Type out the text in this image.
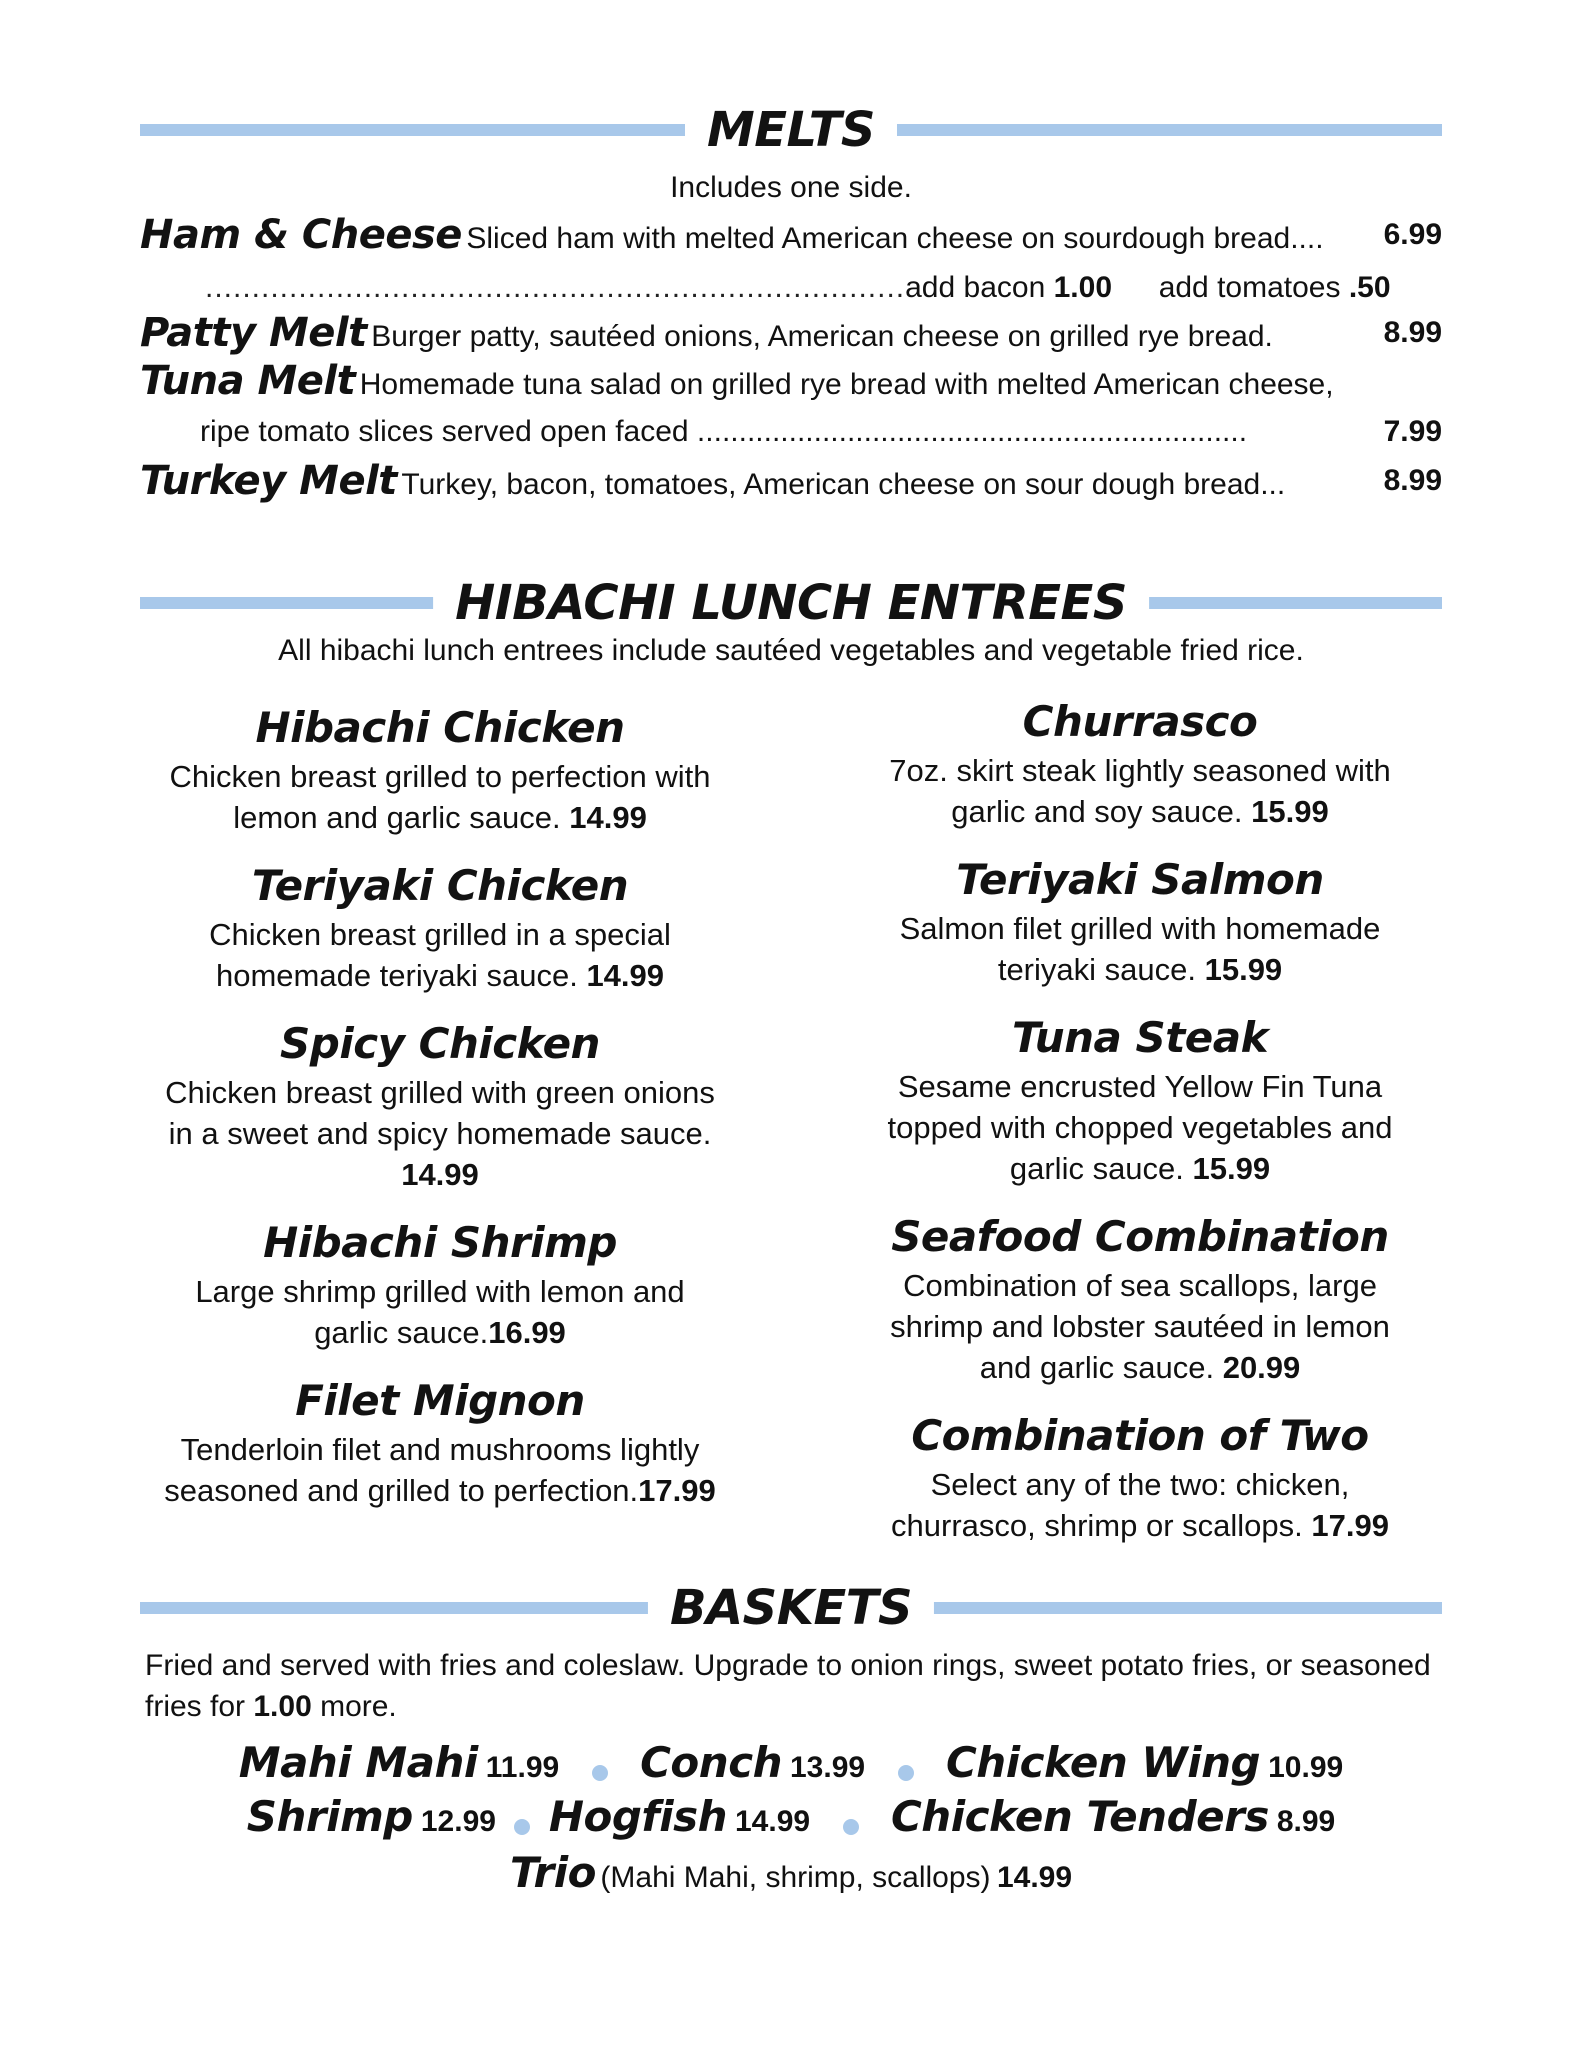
MELTS
Includes one side.
Ham & Cheese Sliced ham with melted American cheese on sourdough bread.... 6.99
...........................................................................add bacon 1.00 add tomatoes .50
Patty Melt Burger patty, sautéed onions, American cheese on grilled rye bread.	8.99
Tuna Melt Homemade tuna salad on grilled rye bread with melted American cheese,
ripe tomato slices served open faced ..................................................................	7.99
Turkey Melt Turkey, bacon, tomatoes, American cheese on sour dough bread...	8.99
HIBACHI LUNCH ENTREES
All hibachi lunch entrees include sautéed vegetables and vegetable fried rice.
Hibachi Chicken
Chicken breast grilled to perfection with
lemon and garlic sauce. 14.99
Teriyaki Chicken
Chicken breast grilled in a special
homemade teriyaki sauce. 14.99
Spicy Chicken
Chicken breast grilled with green onions
in a sweet and spicy homemade sauce.
14.99
Hibachi Shrimp
Large shrimp grilled with lemon and
garlic sauce.16.99
Filet Mignon
Tenderloin filet and mushrooms lightly
seasoned and grilled to perfection.17.99
Churrasco
7oz. skirt steak lightly seasoned with
garlic and soy sauce. 15.99
Teriyaki Salmon
Salmon filet grilled with homemade
teriyaki sauce. 15.99
Tuna Steak
Sesame encrusted Yellow Fin Tuna
topped with chopped vegetables and
garlic sauce. 15.99
Seafood Combination
Combination of sea scallops, large
shrimp and lobster sautéed in lemon
and garlic sauce. 20.99
Combination of Two
Select any of the two: chicken,
churrasco, shrimp or scallops. 17.99
BASKETS
Fried and served with fries and coleslaw. Upgrade to onion rings, sweet potato fries, or seasoned fries for 1.00 more.
Mahi Mahi 11.99 Conch 13.99 Chicken Wing 10.99
Shrimp 12.99 Hogfish 14.99 Chicken Tenders 8.99
Trio (Mahi Mahi, shrimp, scallops) 14.99
